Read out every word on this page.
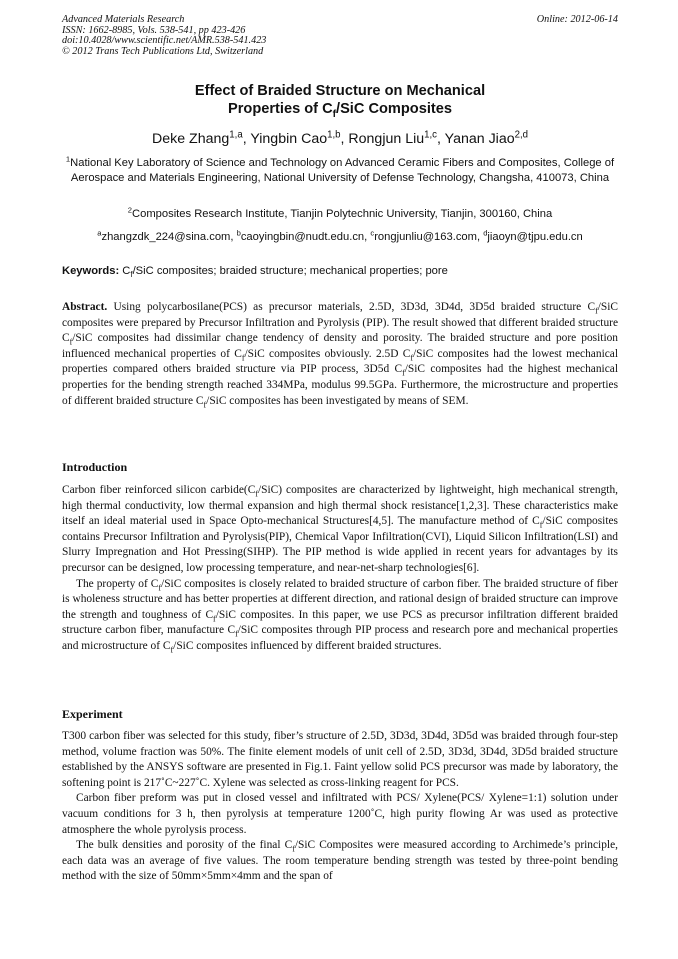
Advanced Materials Research
ISSN: 1662-8985, Vols. 538-541, pp 423-426
doi:10.4028/www.scientific.net/AMR.538-541.423
© 2012 Trans Tech Publications Ltd, Switzerland
Online: 2012-06-14
Effect of Braided Structure on Mechanical
Properties of $C_f$/SiC Composites
Deke Zhang$^{1,a}$, Yingbin Cao$^{1,b}$, Rongjun Liu$^{1,c}$, Yanan Jiao$^{2,d}$
$^1$National Key Laboratory of Science and Technology on Advanced Ceramic Fibers and Composites, College of Aerospace and Materials Engineering, National University of Defense Technology, Changsha, 410073, China
$^2$Composites Research Institute, Tianjin Polytechnic University, Tianjin, 300160, China
$^a$zhangzdk_224@sina.com, $^b$caoyingbin@nudt.edu.cn, $^c$rongjunliu@163.com, $^d$jiaoyn@tjpu.edu.cn
Keywords: $C_f$/SiC composites; braided structure; mechanical properties; pore

Abstract. Using polycarbosilane(PCS) as precursor materials, 2.5D, 3D3d, 3D4d, 3D5d braided structure $C_f$/SiC composites were prepared by Precursor Infiltration and Pyrolysis (PIP). The result showed that different braided structure $C_f$/SiC composites had dissimilar change tendency of density and porosity. The braided structure and pore position influenced mechanical properties of $C_f$/SiC composites obviously. 2.5D $C_f$/SiC composites had the lowest mechanical properties compared others braided structure via PIP process, 3D5d $C_f$/SiC composites had the highest mechanical properties for the bending strength reached 334MPa, modulus 99.5GPa. Furthermore, the microstructure and properties of different braided structure $C_f$/SiC composites has been investigated by means of SEM.

Introduction

Carbon fiber reinforced silicon $carbide(C_f/SiC)$ composites are characterized by lightweight, high mechanical strength, high thermal conductivity, low thermal expansion and high thermal shock resistance[1,2,3]. These characteristics make itself an ideal material used in Space Opto-mechanical Structures[4,5]. The manufacture method of $C_f$/SiC composites contains Precursor Infiltration and Pyrolysis(PIP), Chemical Vapor Infiltration(CVI), Liquid Silicon Infiltration(LSI) and Slurry Impregnation and Hot Pressing(SIHP). The PIP method is wide applied in recent years for advantages by its precursor can be designed, low processing temperature, and near-net-sharp technologies[6].

The property of $C_f$/SiC composites is closely related to braided structure of carbon fiber. The braided structure of fiber is wholeness structure and has better properties at different direction, and rational design of braided structure can improve the strength and toughness of $C_f$/SiC composites. In this paper, we use PCS as precursor infiltration different braided structure carbon fiber, manufacture $C_f$/SiC composites through PIP process and research pore and mechanical properties and microstructure of $C_f$/SiC composites influenced by different braided structures.

Experiment

T300 carbon fiber was selected for this study, fiber’s structure of 2.5D, 3D3d, 3D4d, 3D5d was braided through four-step method, volume fraction was 50%. The finite element models of unit cell of 2.5D, 3D3d, 3D4d, 3D5d braided structure established by the ANSYS software are presented in Fig.1. Faint yellow solid PCS precursor was made by laboratory, the softening point is 217˚C~227˚C. Xylene was selected as cross-linking reagent for PCS.

Carbon fiber preform was put in closed vessel and infiltrated with PCS/ Xylene(PCS/ Xylene=1:1) solution under vacuum conditions for 3 h, then pyrolysis at temperature 1200˚C, high purity flowing Ar was used as protective atmosphere the whole pyrolysis process.

The bulk densities and porosity of the final $C_f$/SiC Composites were measured according to Archimede’s principle, each data was an average of five values. The room temperature bending strength was tested by three-point bending method with the size of 50mm×5mm×4mm and the span of
